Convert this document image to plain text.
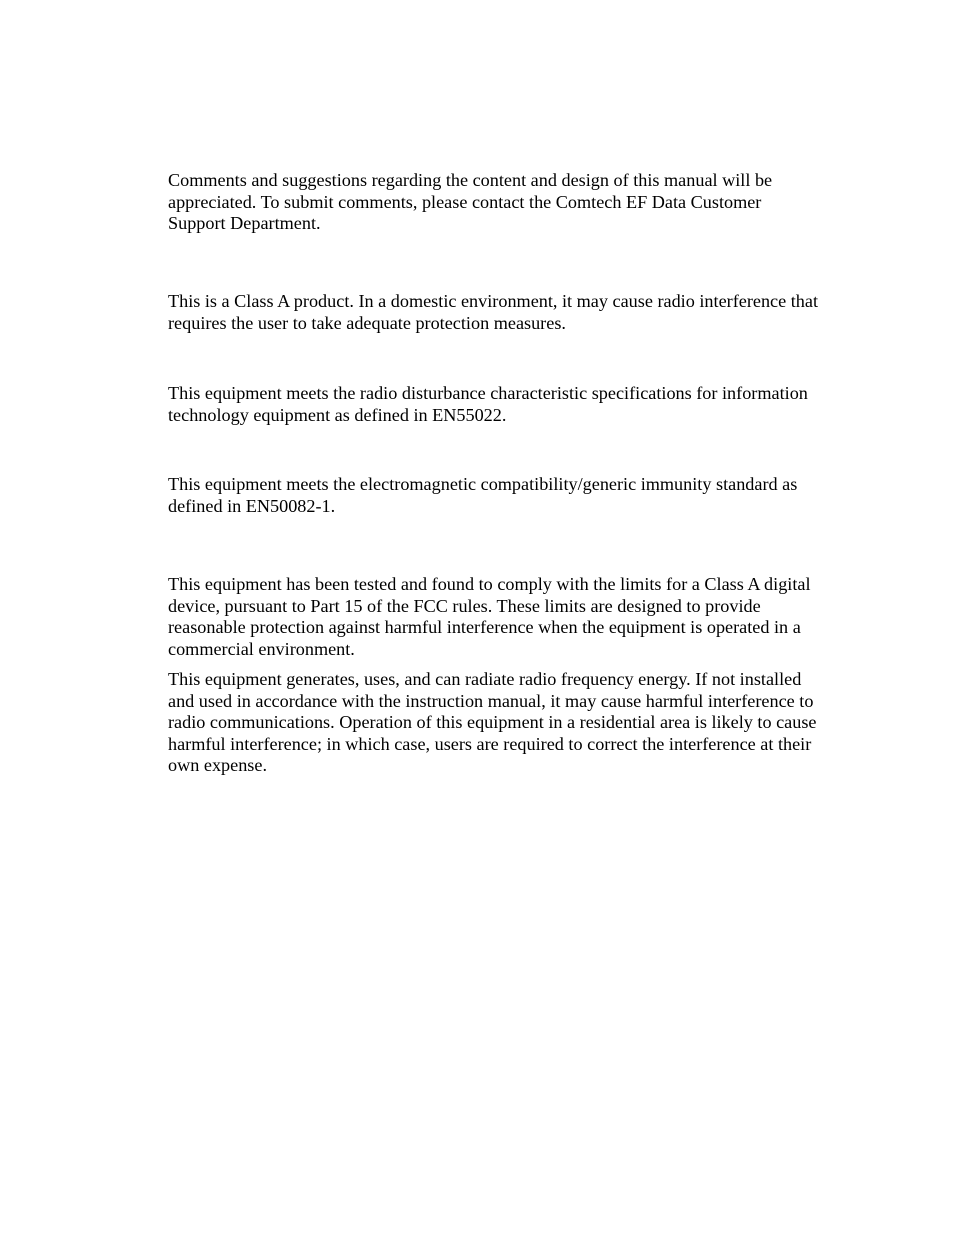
Comments and suggestions regarding the content and design of this manual will be
appreciated. To submit comments, please contact the Comtech EF Data Customer
Support Department.

This is a Class A product. In a domestic environment, it may cause radio interference that
requires the user to take adequate protection measures.

This equipment meets the radio disturbance characteristic specifications for information
technology equipment as defined in EN55022.

This equipment meets the electromagnetic compatibility/generic immunity standard as
defined in EN50082-1.

This equipment has been tested and found to comply with the limits for a Class A digital
device, pursuant to Part 15 of the FCC rules. These limits are designed to provide
reasonable protection against harmful interference when the equipment is operated in a
commercial environment.

This equipment generates, uses, and can radiate radio frequency energy. If not installed
and used in accordance with the instruction manual, it may cause harmful interference to
radio communications. Operation of this equipment in a residential area is likely to cause
harmful interference; in which case, users are required to correct the interference at their
own expense.
